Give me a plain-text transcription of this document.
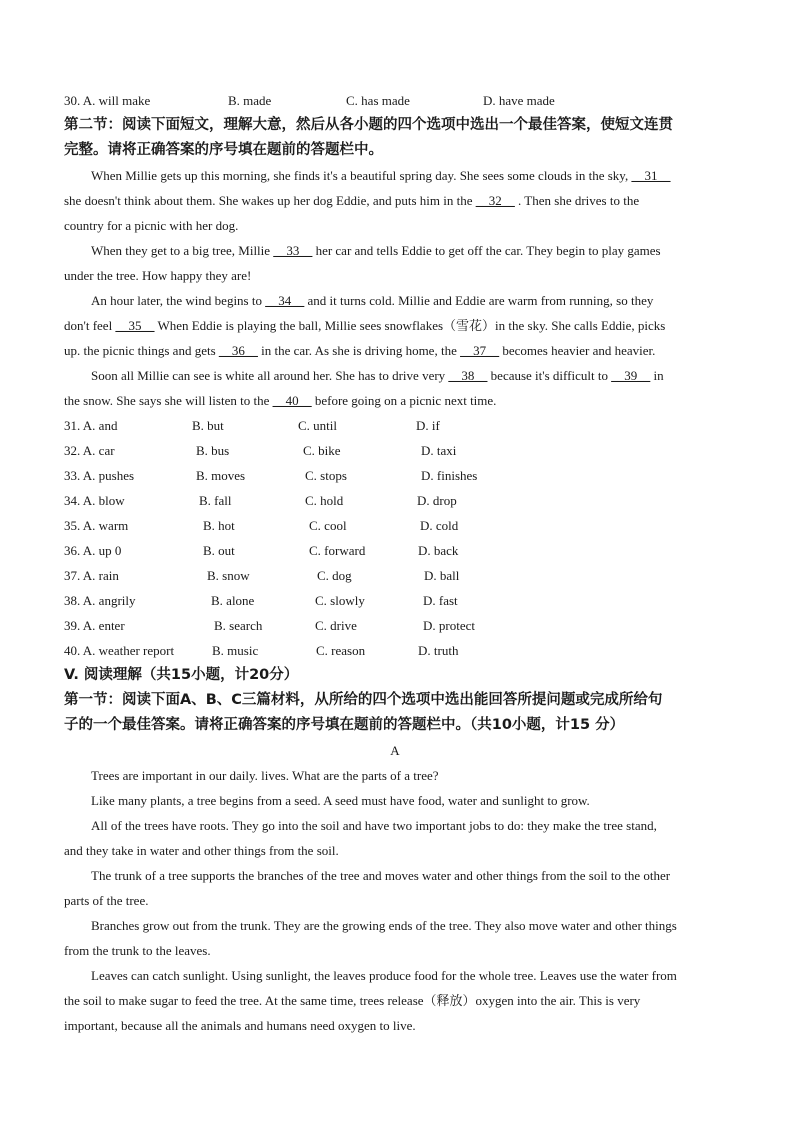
30. A. will make	B. made	C. has made	D. have made
第二节：阅读下面短文，理解大意，然后从各小题的四个选项中选出一个最佳答案，使短文连贯
完整。请将正确答案的序号填在题前的答题栏中。
When Millie gets up this morning, she finds it's a beautiful spring day. She sees some clouds in the sky, __31__
she doesn't think about them. She wakes up her dog Eddie, and puts him in the __32__ . Then she drives to the
country for a picnic with her dog.
When they get to a big tree, Millie __33__ her car and tells Eddie to get off the car. They begin to play games
under the tree. How happy they are!
An hour later, the wind begins to __34__ and it turns cold. Millie and Eddie are warm from running, so they
don't feel __35__ When Eddie is playing the ball, Millie sees snowflakes（雪花）in the sky. She calls Eddie, picks
up. the picnic things and gets __36__ in the car. As she is driving home, the __37__ becomes heavier and heavier.
Soon all Millie can see is white all around her. She has to drive very __38__ because it's difficult to __39__ in
the snow. She says she will listen to the __40__ before going on a picnic next time.
31. A. and	B. but	C. until	D. if
32. A. car	B. bus	C. bike	D. taxi
33. A. pushes	B. moves	C. stops	D. finishes
34. A. blow	B. fall	C. hold	D. drop
35. A. warm	B. hot	C. cool	D. cold
36. A. up 0	B. out	C. forward	D. back
37. A. rain	B. snow	C. dog	D. ball
38. A. angrily	B. alone	C. slowly	D. fast
39. A. enter	B. search	C. drive	D. protect
40. A. weather report	B. music	C. reason	D. truth
V. 阅读理解（共15小题，计20分）
第一节：阅读下面A、B、C三篇材料，从所给的四个选项中选出能回答所提问题或完成所给句
子的一个最佳答案。请将正确答案的序号填在题前的答题栏中。（共10小题，计15 分）
A
Trees are important in our daily. lives. What are the parts of a tree?
Like many plants, a tree begins from a seed. A seed must have food, water and sunlight to grow.
All of the trees have roots. They go into the soil and have two important jobs to do: they make the tree stand,
and they take in water and other things from the soil.
The trunk of a tree supports the branches of the tree and moves water and other things from the soil to the other
parts of the tree.
Branches grow out from the trunk. They are the growing ends of the tree. They also move water and other things
from the trunk to the leaves.
Leaves can catch sunlight. Using sunlight, the leaves produce food for the whole tree. Leaves use the water from
the soil to make sugar to feed the tree. At the same time, trees release（释放）oxygen into the air. This is very
important, because all the animals and humans need oxygen to live.
